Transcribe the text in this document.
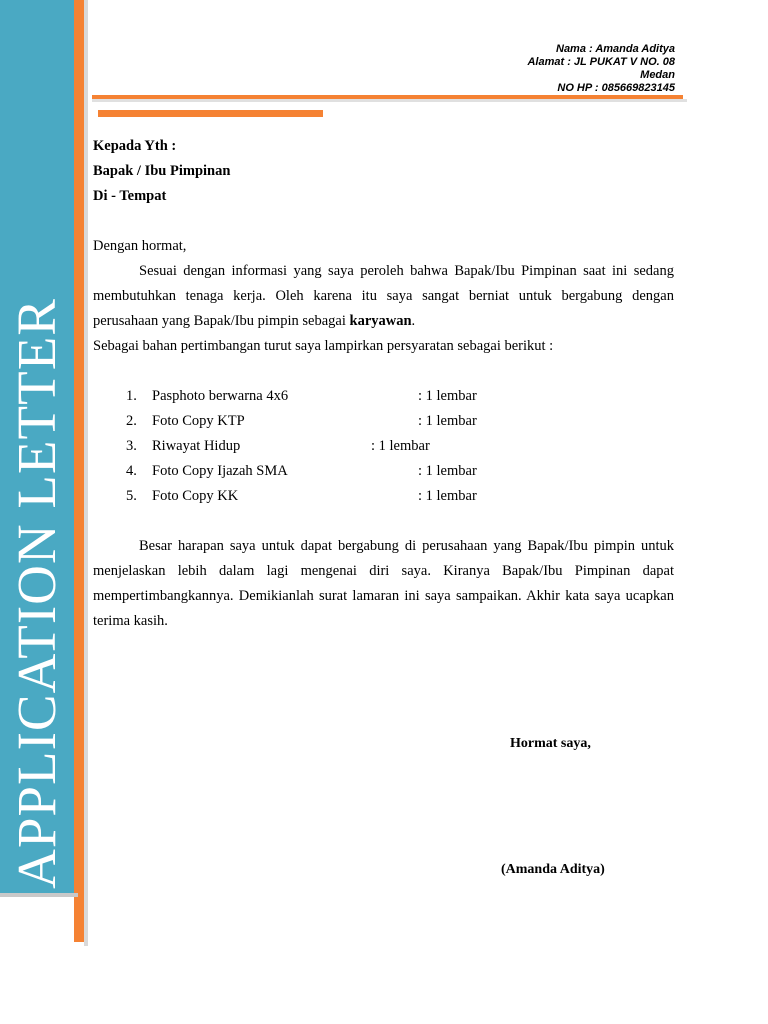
APPLICATION LETTER
Nama : Amanda Aditya
Alamat : JL PUKAT V NO. 08
Medan
NO HP : 085669823145
Kepada Yth :
Bapak / Ibu Pimpinan
Di - Tempat
Dengan hormat,

Sesuai dengan informasi yang saya peroleh bahwa Bapak/Ibu Pimpinan saat ini sedang membutuhkan tenaga kerja. Oleh karena itu saya sangat berniat untuk bergabung dengan perusahaan yang Bapak/Ibu pimpin sebagai karyawan.

Sebagai bahan pertimbangan turut saya lampirkan persyaratan sebagai berikut :
1. Pasphoto berwarna 4x6	: 1 lembar
2. Foto Copy KTP	: 1 lembar
3. Riwayat Hidup	: 1 lembar
4. Foto Copy Ijazah SMA	: 1 lembar
5. Foto Copy KK	: 1 lembar

Besar harapan saya untuk dapat bergabung di perusahaan yang Bapak/Ibu pimpin untuk menjelaskan lebih dalam lagi mengenai diri saya. Kiranya Bapak/Ibu Pimpinan dapat mempertimbangkannya. Demikianlah surat lamaran ini saya sampaikan. Akhir kata saya ucapkan terima kasih.

Hormat saya,
(Amanda Aditya)
